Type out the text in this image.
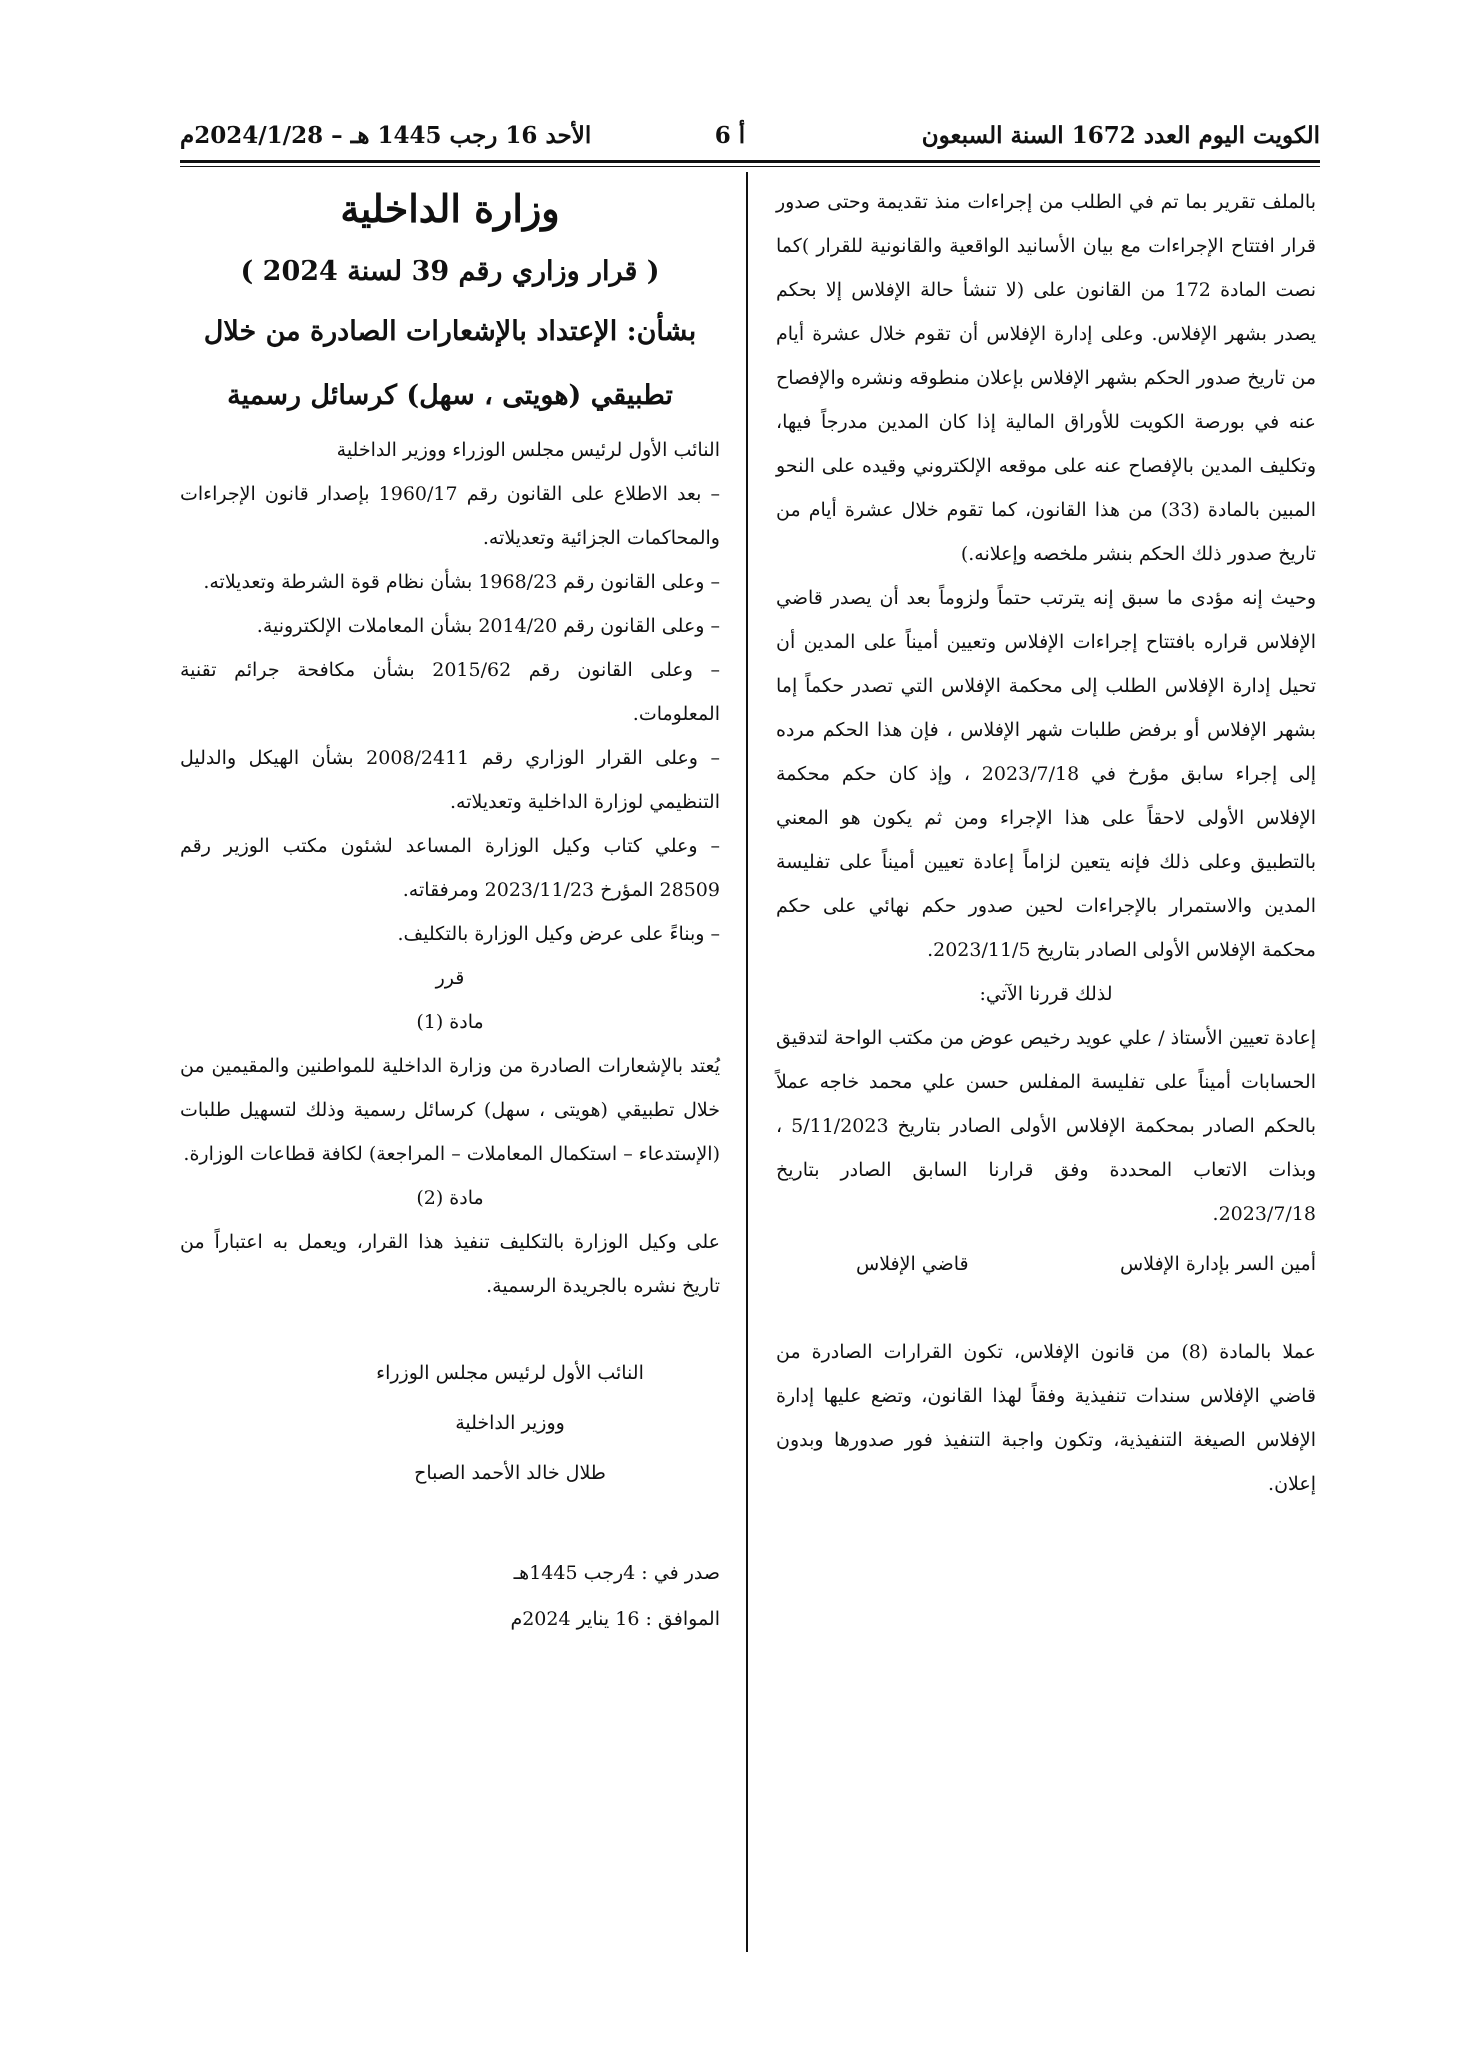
الكويت اليوم العدد 1672 السنة السبعون
أ 6
الأحد 16 رجب 1445 هـ – 2024/1/28م

بالملف تقرير بما تم في الطلب من إجراءات منذ تقديمة وحتى صدور قرار افتتاح الإجراءات مع بيان الأسانيد الواقعية والقانونية للقرار )كما نصت المادة 172 من القانون على (لا تنشأ حالة الإفلاس إلا بحكم يصدر بشهر الإفلاس. وعلى إدارة الإفلاس أن تقوم خلال عشرة أيام من تاريخ صدور الحكم بشهر الإفلاس بإعلان منطوقه ونشره والإفصاح عنه في بورصة الكويت للأوراق المالية إذا كان المدين مدرجاً فيها، وتكليف المدين بالإفصاح عنه على موقعه الإلكتروني وقيده على النحو المبين بالمادة (33) من هذا القانون، كما تقوم خلال عشرة أيام من تاريخ صدور ذلك الحكم بنشر ملخصه وإعلانه.)

وحيث إنه مؤدى ما سبق إنه يترتب حتماً ولزوماً بعد أن يصدر قاضي الإفلاس قراره بافتتاح إجراءات الإفلاس وتعيين أميناً على المدين أن تحيل إدارة الإفلاس الطلب إلى محكمة الإفلاس التي تصدر حكماً إما بشهر الإفلاس أو برفض طلبات شهر الإفلاس ، فإن هذا الحكم مرده إلى إجراء سابق مؤرخ في 2023/7/18 ، وإذ كان حكم محكمة الإفلاس الأولى لاحقاً على هذا الإجراء ومن ثم يكون هو المعني بالتطبيق وعلى ذلك فإنه يتعين لزاماً إعادة تعيين أميناً على تفليسة المدين والاستمرار بالإجراءات لحين صدور حكم نهائي على حكم محكمة الإفلاس الأولى الصادر بتاريخ 2023/11/5.

لذلك قررنا الآتي:

إعادة تعيين الأستاذ / علي عويد رخيص عوض من مكتب الواحة لتدقيق الحسابات أميناً على تفليسة المفلس حسن علي محمد خاجه عملاً بالحكم الصادر بمحكمة الإفلاس الأولى الصادر بتاريخ 5/11/2023 ، وبذات الاتعاب المحددة وفق قرارنا السابق الصادر بتاريخ 2023/7/18.

أمين السر بإدارة الإفلاس
قاضي الإفلاس

عملا بالمادة (8) من قانون الإفلاس، تكون القرارات الصادرة من قاضي الإفلاس سندات تنفيذية وفقاً لهذا القانون، وتضع عليها إدارة الإفلاس الصيغة التنفيذية، وتكون واجبة التنفيذ فور صدورها وبدون إعلان.

وزارة الداخلية
( قرار وزاري رقم 39 لسنة 2024 )
بشأن: الإعتداد بالإشعارات الصادرة من خلال
تطبيقي (هويتى ، سهل) كرسائل رسمية

النائب الأول لرئيس مجلس الوزراء ووزير الداخلية

– بعد الاطلاع على القانون رقم 1960/17 بإصدار قانون الإجراءات والمحاكمات الجزائية وتعديلاته.

– وعلى القانون رقم 1968/23 بشأن نظام قوة الشرطة وتعديلاته.

– وعلى القانون رقم 2014/20 بشأن المعاملات الإلكترونية.

– وعلى القانون رقم 2015/62 بشأن مكافحة جرائم تقنية المعلومات.

– وعلى القرار الوزاري رقم 2008/2411 بشأن الهيكل والدليل التنظيمي لوزارة الداخلية وتعديلاته.

– وعلي كتاب وكيل الوزارة المساعد لشئون مكتب الوزير رقم 28509 المؤرخ 2023/11/23 ومرفقاته.

– وبناءً على عرض وكيل الوزارة بالتكليف.

قرر

مادة (1)

يُعتد بالإشعارات الصادرة من وزارة الداخلية للمواطنين والمقيمين من خلال تطبيقي (هويتى ، سهل) كرسائل رسمية وذلك لتسهيل طلبات (الإستدعاء – استكمال المعاملات – المراجعة) لكافة قطاعات الوزارة.

مادة (2)

على وكيل الوزارة بالتكليف تنفيذ هذا القرار، ويعمل به اعتباراً من تاريخ نشره بالجريدة الرسمية.

النائب الأول لرئيس مجلس الوزراء
ووزير الداخلية
طلال خالد الأحمد الصباح
صدر في : 4رجب 1445هـ
الموافق : 16 يناير 2024م
